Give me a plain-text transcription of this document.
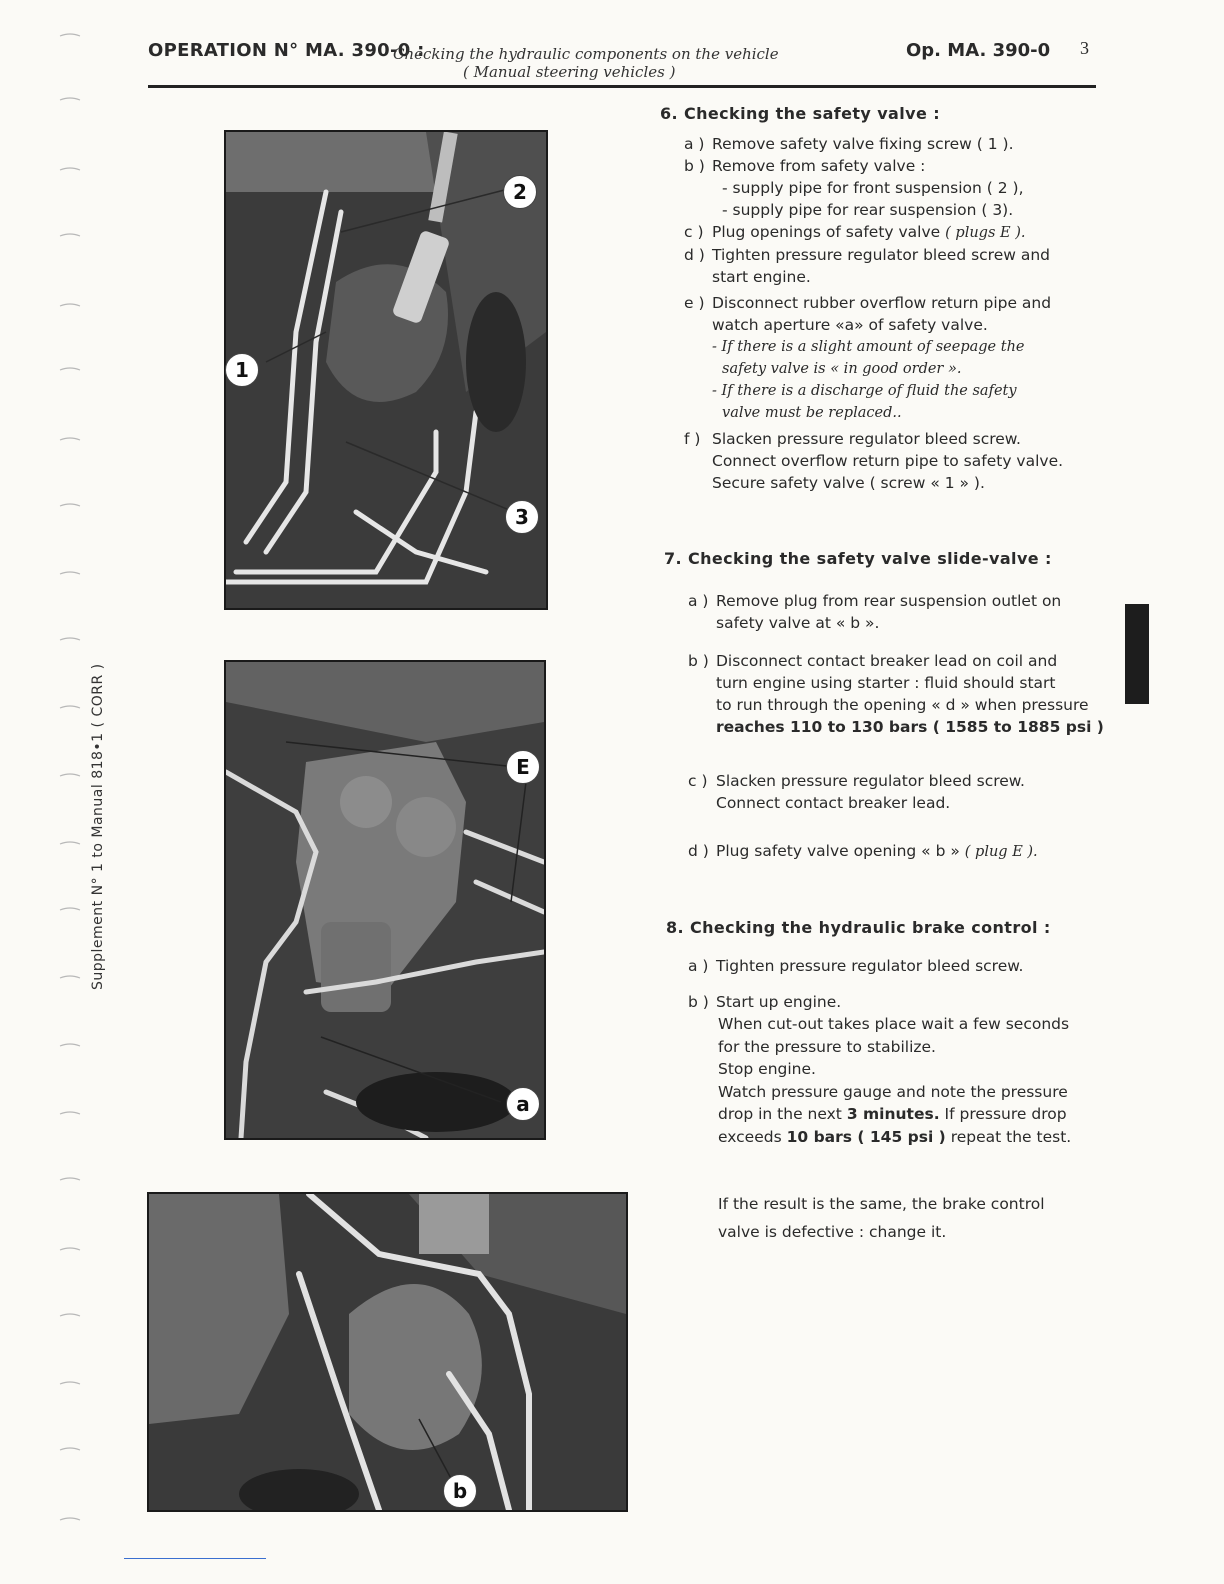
OPERATION N° MA. 390-0 :
Checking the hydraulic components on the vehicle
( Manual steering vehicles )
Op. MA. 390-0 3
2
1
3
E
a
b
Supplement N° 1 to Manual 818•1 ( CORR )
6. Checking the safety valve :

a ) Remove safety valve fixing screw ( 1 ).

b ) Remove from safety valve :

- supply pipe for front suspension ( 2 ),

- supply pipe for rear suspension ( 3).

c ) Plug openings of safety valve ( plugs E ).

d ) Tighten pressure regulator bleed screw and
start engine.

e ) Disconnect rubber overflow return pipe and
watch aperture «a» of safety valve.

- If there is a slight amount of seepage the
safety valve is « in good order ».

- If there is a discharge of fluid the safety
valve must be replaced..

f ) Slacken pressure regulator bleed screw.
Connect overflow return pipe to safety valve.
Secure safety valve ( screw « 1 » ).

7. Checking the safety valve slide-valve :

a ) Remove plug from rear suspension outlet on
safety valve at « b ».

b ) Disconnect contact breaker lead on coil and
turn engine using starter : fluid should start
to run through the opening « d » when pressure
reaches 110 to 130 bars ( 1585 to 1885 psi )

c ) Slacken pressure regulator bleed screw.
Connect contact breaker lead.

d ) Plug safety valve opening « b » ( plug E ).

8. Checking the hydraulic brake control :

a ) Tighten pressure regulator bleed screw.

b ) Start up engine.

When cut-out takes place wait a few seconds
for the pressure to stabilize.
Stop engine.
Watch pressure gauge and note the pressure
drop in the next 3 minutes. If pressure drop
exceeds 10 bars ( 145 psi ) repeat the test.
If the result is the same, the brake control
valve is defective : change it.
